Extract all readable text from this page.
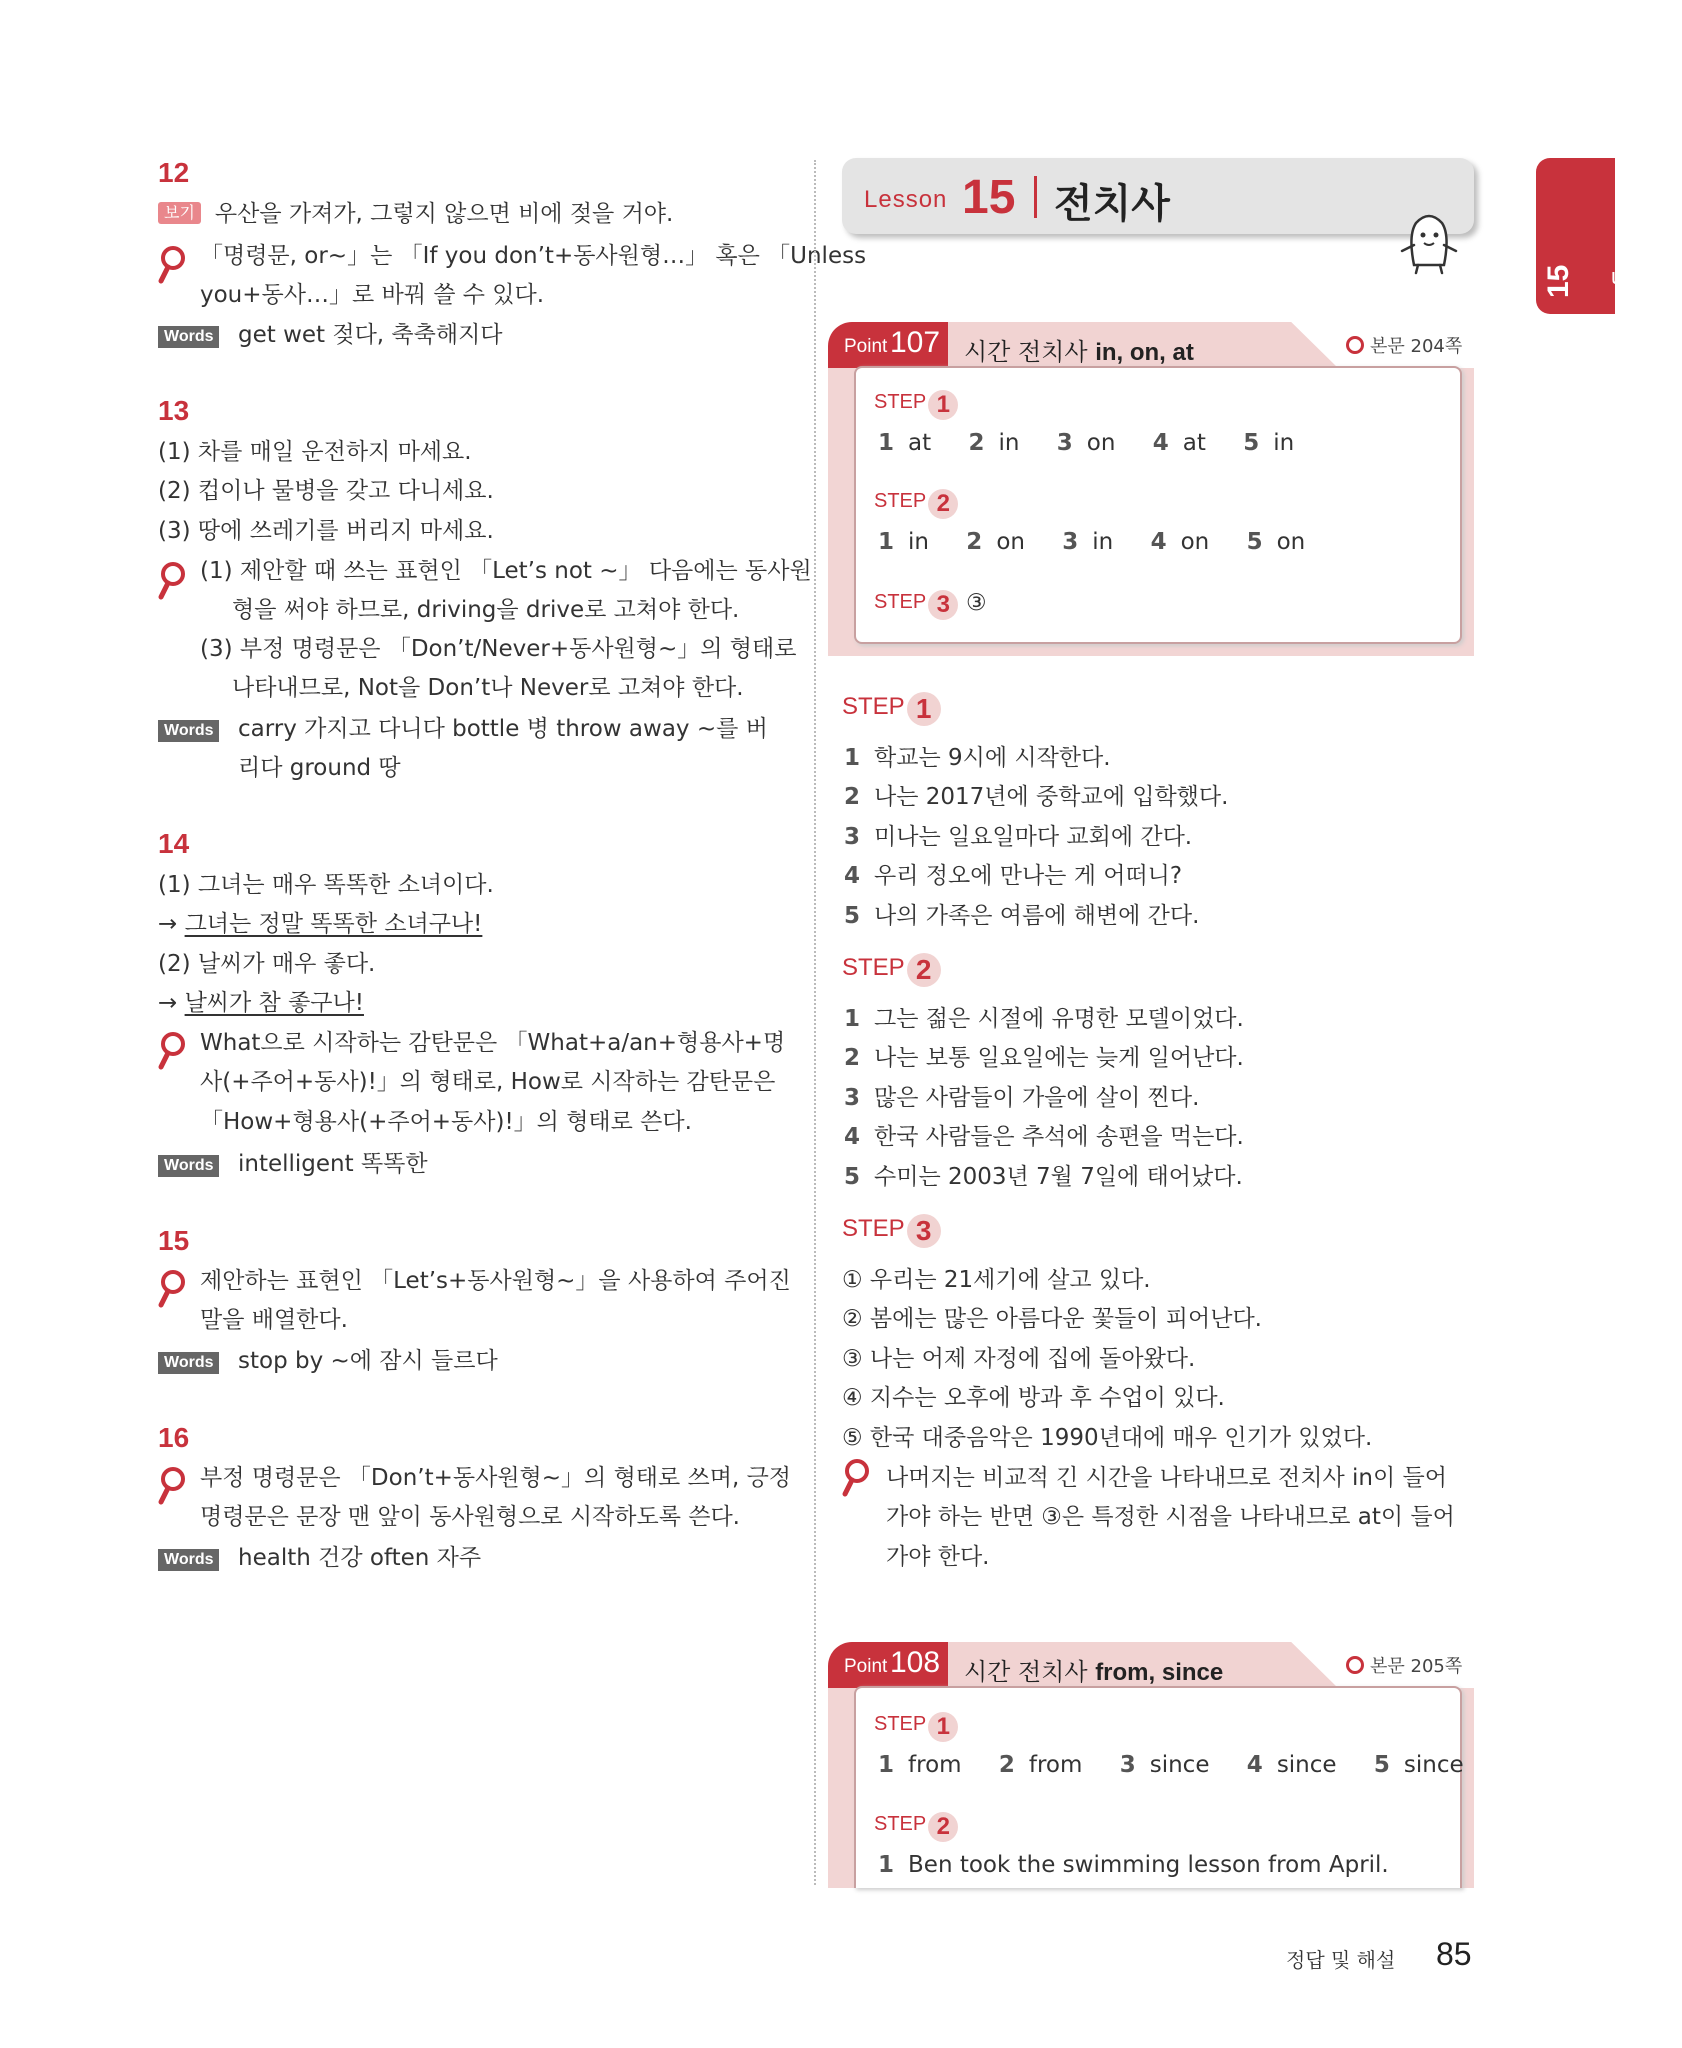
12
보기 우산을 가져가, 그렇지 않으면 비에 젖을 거야.
「명령문, or~」는 「If you don’t+동사원형…」 혹은 「Unless
you+동사…」로 바꿔 쓸 수 있다.
Words get wet 젖다, 축축해지다
13
(1) 차를 매일 운전하지 마세요.
(2) 컵이나 물병을 갖고 다니세요.
(3) 땅에 쓰레기를 버리지 마세요.
(1) 제안할 때 쓰는 표현인 「Let’s not ~」 다음에는 동사원
형을 써야 하므로, driving을 drive로 고쳐야 한다.
(3) 부정 명령문은 「Don’t/Never+동사원형~」의 형태로
나타내므로, Not을 Don’t나 Never로 고쳐야 한다.
Words carry 가지고 다니다 bottle 병 throw away ~를 버
리다 ground 땅
14
(1) 그녀는 매우 똑똑한 소녀이다.
→ 그녀는 정말 똑똑한 소녀구나!
(2) 날씨가 매우 좋다.
→ 날씨가 참 좋구나!
What으로 시작하는 감탄문은 「What+a/an+형용사+명
사(+주어+동사)!」의 형태로, How로 시작하는 감탄문은
「How+형용사(+주어+동사)!」의 형태로 쓴다.
Words intelligent 똑똑한
15
제안하는 표현인 「Let’s+동사원형~」을 사용하여 주어진
말을 배열한다.
Words stop by ~에 잠시 들르다
16
부정 명령문은 「Don’t+동사원형~」의 형태로 쓰며, 긍정
명령문은 문장 맨 앞이 동사원형으로 시작하도록 쓴다.
Words health 건강 often 자주
Lesson 15 전치사
Lesson
15
Point 107 시간 전치사 in, on, at	본문 204쪽
STEP 1
1 at 2 in 3 on 4 at 5 in
STEP 2
1 in 2 on 3 in 4 on 5 on
STEP 3 ③
STEP 1
1 학교는 9시에 시작한다.
2 나는 2017년에 중학교에 입학했다.
3 미나는 일요일마다 교회에 간다.
4 우리 정오에 만나는 게 어떠니?
5 나의 가족은 여름에 해변에 간다.
STEP 2
1 그는 젊은 시절에 유명한 모델이었다.
2 나는 보통 일요일에는 늦게 일어난다.
3 많은 사람들이 가을에 살이 찐다.
4 한국 사람들은 추석에 송편을 먹는다.
5 수미는 2003년 7월 7일에 태어났다.
STEP 3
① 우리는 21세기에 살고 있다.
② 봄에는 많은 아름다운 꽃들이 피어난다.
③ 나는 어제 자정에 집에 돌아왔다.
④ 지수는 오후에 방과 후 수업이 있다.
⑤ 한국 대중음악은 1990년대에 매우 인기가 있었다.
나머지는 비교적 긴 시간을 나타내므로 전치사 in이 들어
가야 하는 반면 ③은 특정한 시점을 나타내므로 at이 들어
가야 한다.
Point 108 시간 전치사 from, since	본문 205쪽
STEP 1
1 from 2 from 3 since 4 since 5 since
STEP 2
1 Ben took the swimming lesson from April.
정답 및 해설 85
